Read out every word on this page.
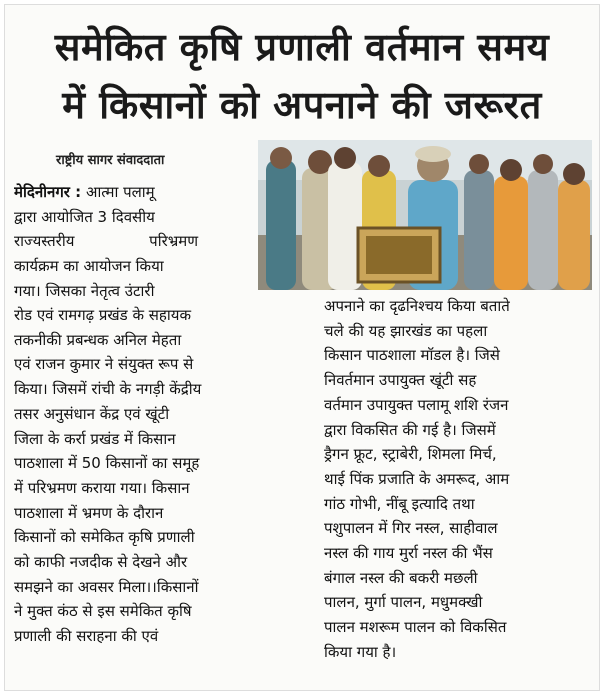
समेकित कृषि प्रणाली वर्तमान समय
में किसानों को अपनाने की जरूरत
राष्ट्रीय सागर संवाददाता
मेदिनीनगर : आत्मा पलामू
द्वारा आयोजित 3 दिवसीय
राज्यस्तरीय परिभ्रमण
कार्यक्रम का आयोजन किया
गया। जिसका नेतृत्व उंटारी
रोड एवं रामगढ़ प्रखंड के सहायक
तकनीकी प्रबन्धक अनिल मेहता
एवं राजन कुमार ने संयुक्त रूप से
किया। जिसमें रांची के नगड़ी केंद्रीय
तसर अनुसंधान केंद्र एवं खूंटी
जिला के कर्रा प्रखंड में किसान
पाठशाला में 50 किसानों का समूह
में परिभ्रमण कराया गया। किसान
पाठशाला में भ्रमण के दौरान
किसानों को समेकित कृषि प्रणाली
को काफी नजदीक से देखने और
समझने का अवसर मिला।।किसानों
ने मुक्त कंठ से इस समेकित कृषि
प्रणाली की सराहना की एवं
अपनाने का दृढनिश्चय किया बताते
चले की यह झारखंड का पहला
किसान पाठशाला मॉडल है। जिसे
निवर्तमान उपायुक्त खूंटी सह
वर्तमान उपायुक्त पलामू शशि रंजन
द्वारा विकसित की गई है। जिसमें
ड्रैगन फ्रूट, स्ट्राबेरी, शिमला मिर्च,
थाई पिंक प्रजाति के अमरूद, आम
गांठ गोभी, नींबू इत्यादि तथा
पशुपालन में गिर नस्ल, साहीवाल
नस्ल की गाय मुर्रा नस्ल की भैंस
बंगाल नस्ल की बकरी मछली
पालन, मुर्गा पालन, मधुमक्खी
पालन मशरूम पालन को विकसित
किया गया है।
